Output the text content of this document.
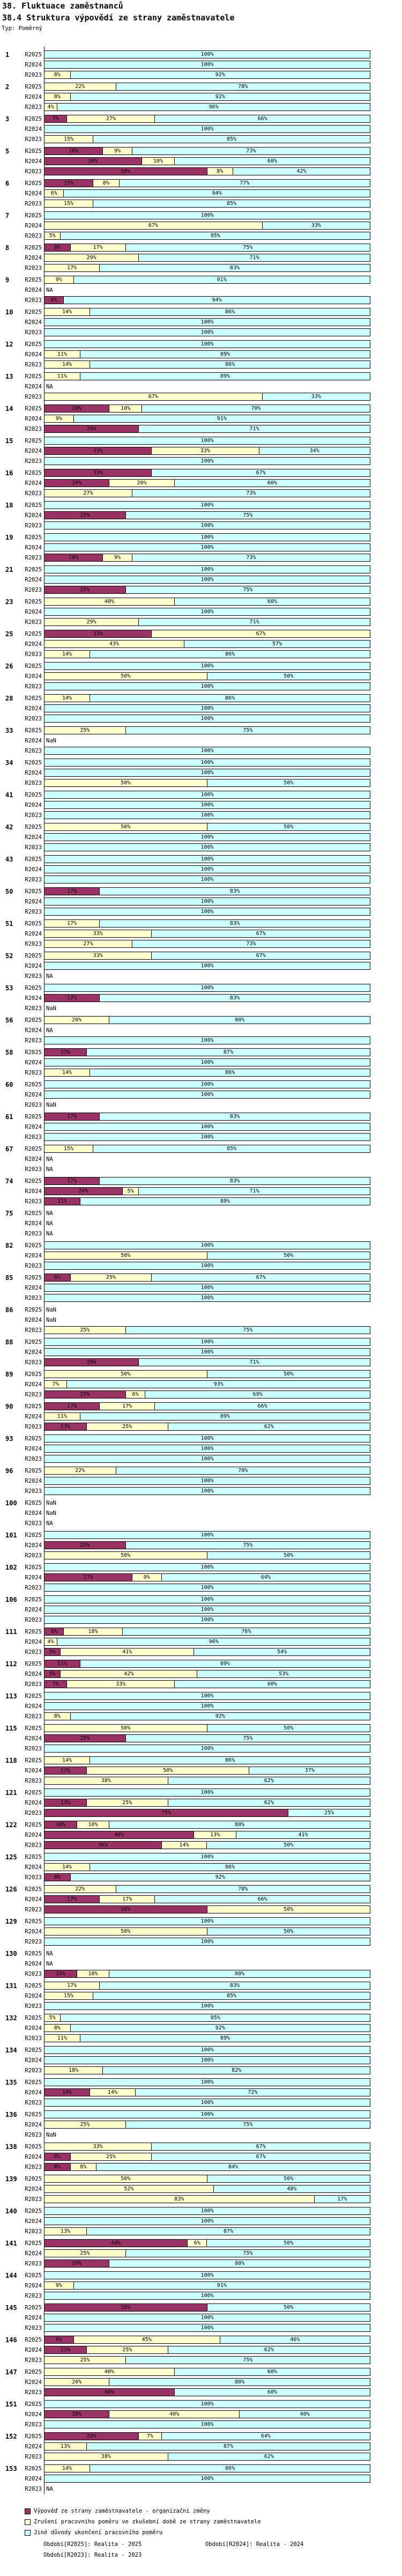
38. Fluktuace zaměstnanců
38.4 Struktura výpovědí ze strany zaměstnavatele
Typ: Poměrný
1	R2025	100%
R2024	100%
R2023	8%	92%
2	R2025	22%	78%
R2024	8%	92%
R2023	4%	96%
3	R2025	7%	27%	66%
R2024	100%
R2023	15%	85%
5	R2025	18%	9%	73%
R2024	30%	10%	60%
R2023	50%	8%	42%
6	R2025	15%	8%	77%
R2024	6%	94%
R2023	15%	85%
7	R2025	100%
R2024	67%	33%
R2023	5%	95%
8	R2025	8%	17%	75%
R2024	29%	71%
R2023	17%	83%
9	R2025	9%	91%
R2024 NA
R2023	6%	94%
10	R2025	14%	86%
R2024	100%
R2023	100%
12	R2025	100%
R2024	11%	89%
R2023	14%	86%
13	R2025	11%	89%
R2024 NA
R2023	67%	33%
14	R2025	20%	10%	70%
R2024	9%	91%
R2023	29%	71%
15	R2025	100%
R2024	33%	33%	34%
R2023	100%
16	R2025	33%	67%
R2024	20%	20%	60%
R2023	27%	73%
18	R2025	100%
R2024	25%	75%
R2023	100%
19	R2025	100%
R2024	100%
R2023	18%	9%	73%
21	R2025	100%
R2024	100%
R2023	25%	75%
23	R2025	40%	60%
R2024	100%
R2023	29%	71%
25	R2025	33%	67%
R2024	43%	57%
R2023	14%	86%
26	R2025	100%
R2024	50%	50%
R2023	100%
28	R2025	14%	86%
R2024	100%
R2023	100%
33	R2025	25%	75%
R2024 NaN
R2023	100%
34	R2025	100%
R2024	100%
R2023	50%	50%
41	R2025	100%
R2024	100%
R2023	100%
42	R2025	50%	50%
R2024	100%
R2023	100%
43	R2025	100%
R2024	100%
R2023	100%
50	R2025	17%	83%
R2024	100%
R2023	100%
51	R2025	17%	83%
R2024	33%	67%
R2023	27%	73%
52	R2025	33%	67%
R2024	100%
R2023 NA
53	R2025	100%
R2024	17%	83%
R2023 NaN
56	R2025	20%	80%
R2024 NA
R2023	100%
58	R2025	13%	87%
R2024	100%
R2023	14%	86%
60	R2025	100%
R2024	100%
R2023 NaN
61	R2025	17%	83%
R2024	100%
R2023	100%
67	R2025	15%	85%
R2024 NA
R2023 NA
74	R2025	17%	83%
R2024	24%	5%	71%
R2023	11%	89%
75	R2025 NA
R2024 NA
R2023 NA
82	R2025	100%
R2024	50%	50%
R2023	100%
85	R2025	8%	25%	67%
R2024	100%
R2023	100%
86	R2025 NaN
R2024 NaN
R2023	25%	75%
88	R2025	100%
R2024	100%
R2023	29%	71%
89	R2025	50%	50%
R2024	7%	93%
R2023	25%	6%	69%
90	R2025	17%	17%	66%
R2024	11%	89%
R2023	13%	25%	62%
93	R2025	100%
R2024	100%
R2023	100%
96	R2025	22%	78%
R2024	100%
R2023	100%
100	R2025 NaN
R2024 NaN
R2023 NA
101	R2025	100%
R2024	25%	75%
R2023	50%	50%
102	R2025	100%
R2024	27%	9%	64%
R2023	100%
106	R2025	100%
R2024	100%
R2023	100%
111	R2025	6%	18%	76%
R2024	4%	96%
R2023	5%	41%	54%
112	R2025	11%	89%
R2024	5%	42%	53%
R2023	7%	33%	60%
113	R2025	100%
R2024	100%
R2023	8%	92%
115	R2025	50%	50%
R2024	25%	75%
R2023	100%
118	R2025	14%	86%
R2024	13%	50%	37%
R2023	38%	62%
121	R2025	100%
R2024	13%	25%	62%
R2023	75%	25%
122	R2025	10%	10%	80%
R2024	46%	13%	41%
R2023	36%	14%	50%
125	R2025	100%
R2024	14%	86%
R2023	8%	92%
126	R2025	22%	78%
R2024	17%	17%	66%
R2023	50%	50%
129	R2025	100%
R2024	50%	50%
R2023	100%
130	R2025 NA
R2024 NA
R2023	10%	10%	80%
131	R2025	17%	83%
R2024	15%	85%
R2023	100%
132	R2025	5%	95%
R2024	8%	92%
R2023	11%	89%
134	R2025	100%
R2024	100%
R2023	18%	82%
135	R2025	100%
R2024	14%	14%	72%
R2023	100%
136	R2025	100%
R2024	25%	75%
R2023 NaN
138	R2025	33%	67%
R2024	8%	25%	67%
R2023	8%	8%	84%
139	R2025	50%	50%
R2024	52%	48%
R2023	83%	17%
140	R2025	100%
R2024	100%
R2023	13%	87%
141	R2025	44%	6%	50%
R2024	25%	75%
R2023	20%	80%
144	R2025	100%
R2024	9%	91%
R2023	100%
145	R2025	50%	50%
R2024	100%
R2023	100%
146	R2025	9%	45%	46%
R2024	13%	25%	62%
R2023	25%	75%
147	R2025	40%	60%
R2024	20%	80%
R2023	40%	60%
151	R2025	100%
R2024	20%	40%	40%
R2023	100%
152	R2025	29%	7%	64%
R2024	13%	87%
R2023	38%	62%
153	R2025	14%	86%
R2024	100%
R2023 NA
Výpověď ze strany zaměstnavatele - organizační změny
Zrušení pracovního poměru ve zkušební době ze strany zaměstnavatele
Jiné důvody ukončení pracovního poměru
Období[R2025]: Realita - 2025	Období[R2024]: Realita - 2024
Období[R2023]: Realita - 2023
